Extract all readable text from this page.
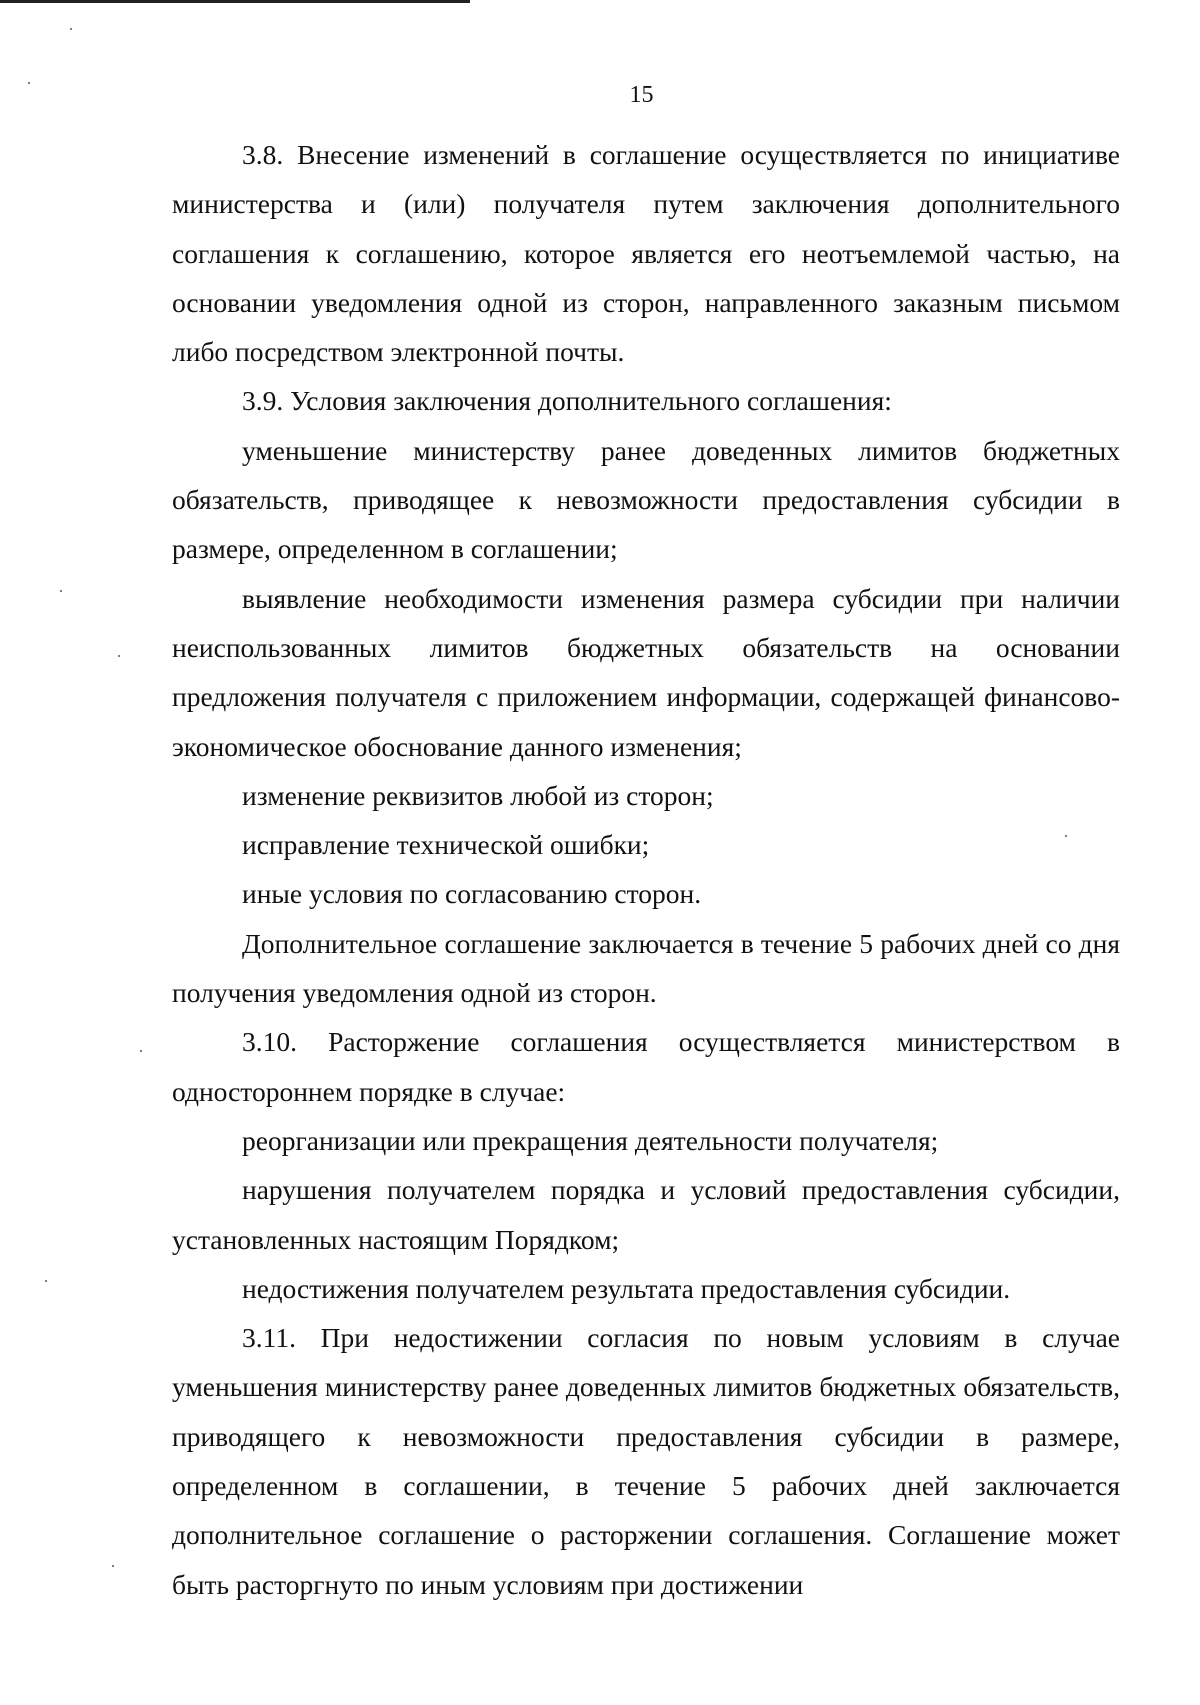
15

3.8. Внесение изменений в соглашение осуществляется по инициативе министерства и (или) получателя путем заключения дополнительного соглашения к соглашению, которое является его неотъемлемой частью, на основании уведомления одной из сторон, направленного заказным письмом либо посредством электронной почты.

3.9. Условия заключения дополнительного соглашения:

уменьшение министерству ранее доведенных лимитов бюджетных обязательств, приводящее к невозможности предоставления субсидии в размере, определенном в соглашении;

выявление необходимости изменения размера субсидии при наличии неиспользованных лимитов бюджетных обязательств на основании предложения получателя с приложением информации, содержащей финансово-экономическое обоснование данного изменения;

изменение реквизитов любой из сторон;

исправление технической ошибки;

иные условия по согласованию сторон.

Дополнительное соглашение заключается в течение 5 рабочих дней со дня получения уведомления одной из сторон.

3.10. Расторжение соглашения осуществляется министерством в одностороннем порядке в случае:

реорганизации или прекращения деятельности получателя;

нарушения получателем порядка и условий предоставления субсидии, установленных настоящим Порядком;

недостижения получателем результата предоставления субсидии.

3.11. При недостижении согласия по новым условиям в случае уменьшения министерству ранее доведенных лимитов бюджетных обязательств, приводящего к невозможности предоставления субсидии в размере, определенном в соглашении, в течение 5 рабочих дней заключается дополнительное соглашение о расторжении соглашения. Соглашение может быть расторгнуто по иным условиям при достижении
